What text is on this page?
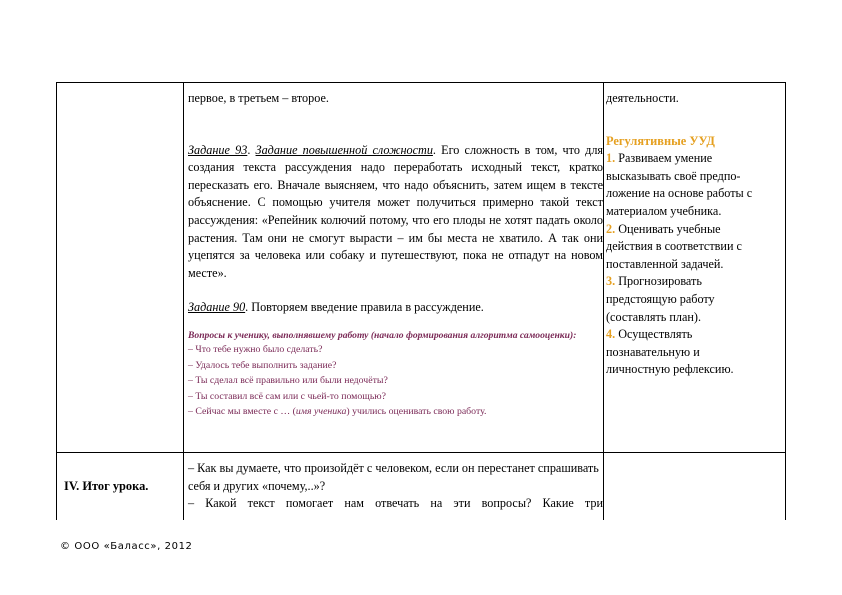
первое, в третьем – второе.
Задание 93. Задание повышенной сложности. Его сложность в том, что для создания текста рассуждения надо переработать исходный текст, кратко пересказать его. Вначале выясняем, что надо объяснить, затем ищем в тексте объяснение. С помощью учителя может получиться примерно такой текст рассуждения: «Репейник колючий потому, что его плоды не хотят падать около растения. Там они не смогут вырасти – им бы места не хватило. А так они уцепятся за человека или собаку и путешествуют, пока не отпадут на новом месте».
Задание 90. Повторяем введение правила в рассуждение.
Вопросы к ученику, выполнявшему работу (начало формирования алгоритма самооценки):
– Что тебе нужно было сделать?
– Удалось тебе выполнить задание?
– Ты сделал всё правильно или были недочёты?
– Ты составил всё сам или с чьей-то помощью?
– Сейчас мы вместе с … (имя ученика) учились оценивать свою работу.
деятельности.
Регулятивные УУД
1. Развиваем умение
высказывать своё предпо-
ложение на основе работы с
материалом учебника.
2. Оценивать учебные
действия в соответствии с
поставленной задачей.
3. Прогнозировать
предстоящую работу
(составлять план).
4. Осуществлять
познавательную и
личностную рефлексию.
IV. Итог урока.
– Как вы думаете, что произойдёт с человеком, если он перестанет спрашивать себя и других «почему,..»?
– Какой текст помогает нам отвечать на эти вопросы? Какие три
© ООО «Баласс», 2012
